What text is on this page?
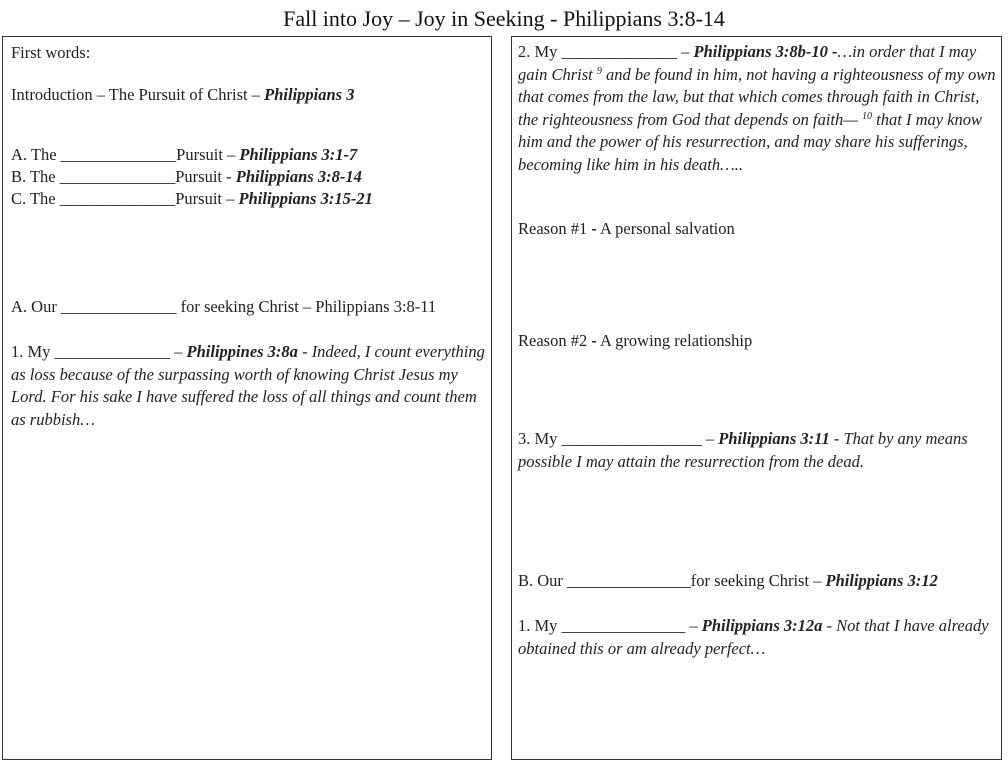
Fall into Joy – Joy in Seeking - Philippians 3:8-14
First words:
Introduction – The Pursuit of Christ – Philippians 3
A. The ______________Pursuit – Philippians 3:1-7
B. The ______________Pursuit - Philippians 3:8-14
C. The ______________Pursuit – Philippians 3:15-21
A. Our ______________ for seeking Christ – Philippians 3:8-11
1. My ______________ – Philippines 3:8a - Indeed, I count everything as loss because of the surpassing worth of knowing Christ Jesus my Lord. For his sake I have suffered the loss of all things and count them as rubbish…
2. My ______________ – Philippians 3:8b-10 -…in order that I may gain Christ $^9$ and be found in him, not having a righteousness of my own that comes from the law, but that which comes through faith in Christ, the righteousness from God that depends on faith— $^{10}$ that I may know him and the power of his resurrection, and may share his sufferings, becoming like him in his death…..
Reason #1 - A personal salvation
Reason #2 - A growing relationship
3. My _________________ – Philippians 3:11 - That by any means possible I may attain the resurrection from the dead.
B. Our _______________for seeking Christ – Philippians 3:12
1. My _______________ – Philippians 3:12a - Not that I have already obtained this or am already perfect…
